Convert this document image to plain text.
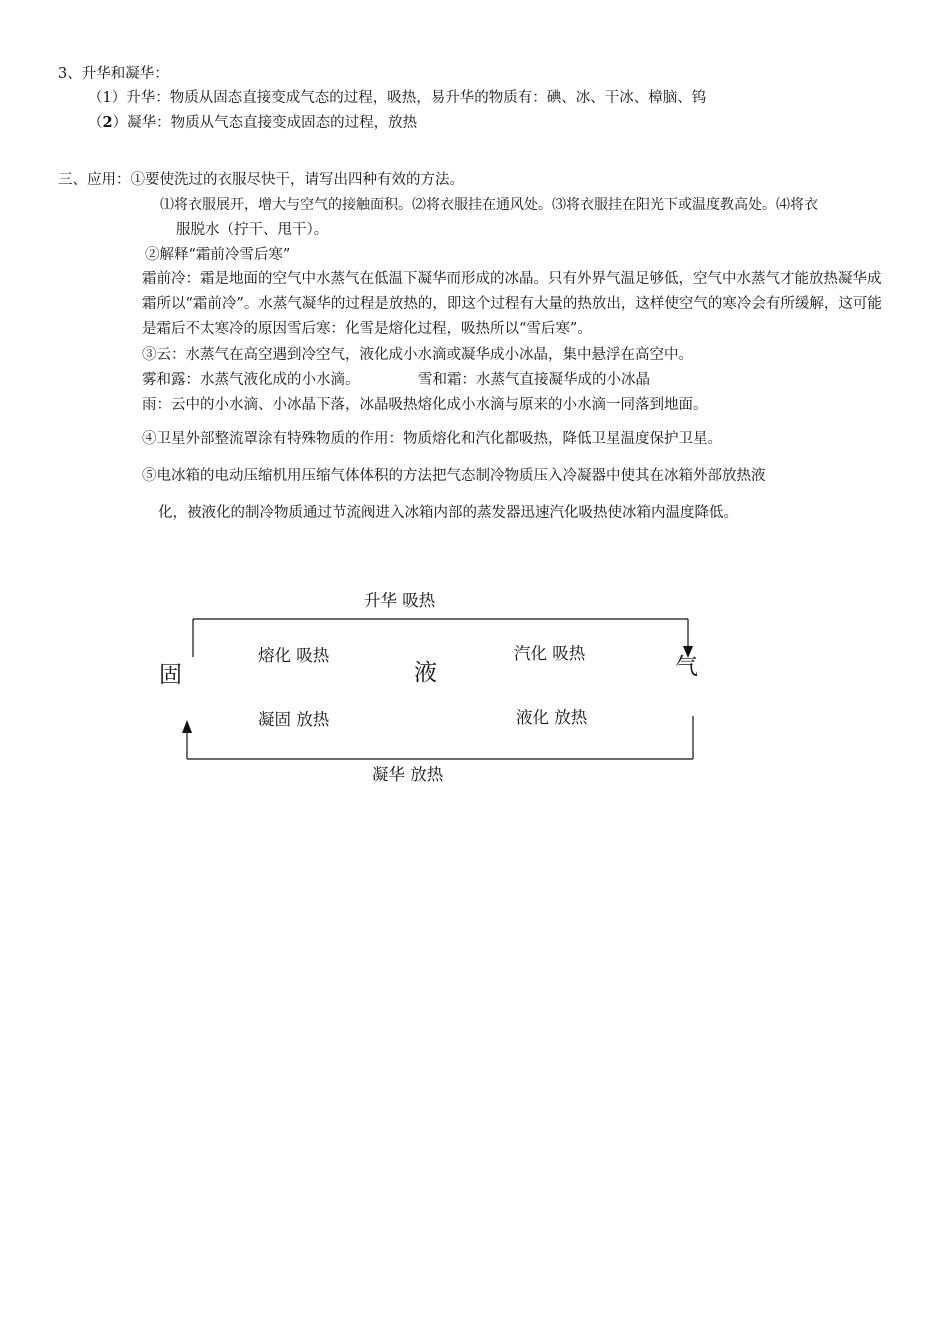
3、升华和凝华：
（1）升华：物质从固态直接变成气态的过程，吸热，易升华的物质有：碘、冰、干冰、樟脑、钨
（2）凝华：物质从气态直接变成固态的过程，放热
三、应用：①要使洗过的衣服尽快干，请写出四种有效的方法。
⑴将衣服展开，增大与空气的接触面积。⑵将衣服挂在通风处。⑶将衣服挂在阳光下或温度教高处。⑷将衣
服脱水（拧干、甩干）。
②解释“霜前冷雪后寒”
霜前冷：霜是地面的空气中水蒸气在低温下凝华而形成的冰晶。只有外界气温足够低，空气中水蒸气才能放热凝华成霜所以“霜前冷”。水蒸气凝华的过程是放热的，即这个过程有大量的热放出，这样使空气的寒冷会有所缓解，这可能是霜后不太寒冷的原因雪后寒：化雪是熔化过程，吸热所以“雪后寒”。
③云：水蒸气在高空遇到冷空气，液化成小水滴或凝华成小冰晶，集中悬浮在高空中。
雾和露：水蒸气液化成的小水滴。	雪和霜：水蒸气直接凝华成的小冰晶
雨：云中的小水滴、小冰晶下落，冰晶吸热熔化成小水滴与原来的小水滴一同落到地面。
④卫星外部整流罩涂有特殊物质的作用：物质熔化和汽化都吸热，降低卫星温度保护卫星。
⑤电冰箱的电动压缩机用压缩气体体积的方法把气态制冷物质压入冷凝器中使其在冰箱外部放热液
化，被液化的制冷物质通过节流阀进入冰箱内部的蒸发器迅速汽化吸热使冰箱内温度降低。
升华 吸热
熔化 吸热	汽化 吸热
固	液	气
凝固 放热	液化 放热
凝华 放热
